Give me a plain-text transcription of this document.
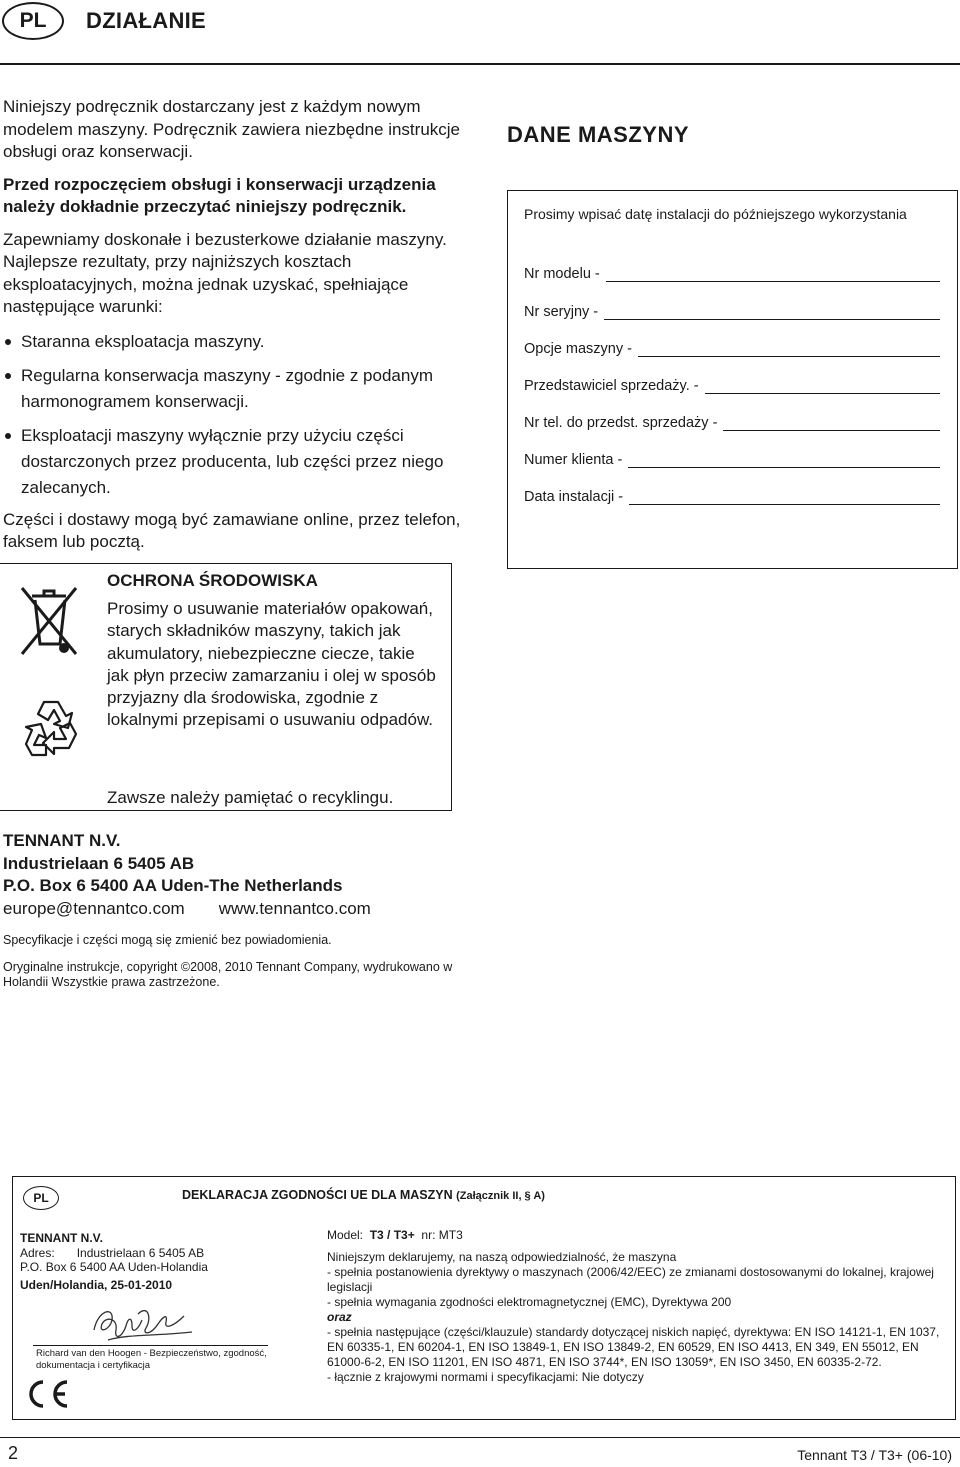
PL DZIAŁANIE

Niniejszy podręcznik dostarczany jest z każdym nowym modelem maszyny. Podręcznik zawiera niezbędne instrukcje obsługi oraz konserwacji.

Przed rozpoczęciem obsługi i konserwacji urządzenia należy dokładnie przeczytać niniejszy podręcznik.

Zapewniamy doskonałe i bezusterkowe działanie maszyny. Najlepsze rezultaty, przy najniższych kosztach eksploatacyjnych, można jednak uzyskać, spełniające następujące warunki:

Staranna eksploatacja maszyny.
Regularna konserwacja maszyny - zgodnie z podanym harmonogramem konserwacji.
Eksploatacji maszyny wyłącznie przy użyciu części dostarczonych przez producenta, lub części przez niego zalecanych.

Części i dostawy mogą być zamawiane online, przez telefon, faksem lub pocztą.

DANE MASZYNY
Prosimy wpisać datę instalacji do późniejszego wykorzystania
Nr modelu -
Nr seryjny -
Opcje maszyny -
Przedstawiciel sprzedaży. -
Nr tel. do przedst. sprzedaży -
Numer klienta -
Data instalacji -
OCHRONA ŚRODOWISKA
Prosimy o usuwanie materiałów opakowań, starych składników maszyny, takich jak akumulatory, niebezpieczne ciecze, takie jak płyn przeciw zamarzaniu i olej w sposób przyjazny dla środowiska, zgodnie z lokalnymi przepisami o usuwaniu odpadów.
Zawsze należy pamiętać o recyklingu.
TENNANT N.V.
Industrielaan 6 5405 AB
P.O. Box 6 5400 AA Uden-The Netherlands
europe@tennantco.com www.tennantco.com
Specyfikacje i części mogą się zmienić bez powiadomienia.
Oryginalne instrukcje, copyright ©2008, 2010 Tennant Company, wydrukowano w Holandii Wszystkie prawa zastrzeżone.
PL	DEKLARACJA ZGODNOŚCI UE DLA MASZYN (Załącznik II, § A)
TENNANT N.V.
Adres: Industrielaan 6 5405 AB
P.O. Box 6 5400 AA Uden-Holandia
Uden/Holandia, 25-01-2010
Richard van den Hoogen - Bezpieczeństwo, zgodność, dokumentacja i certyfikacja

Model: T3 / T3+ nr: MT3

Niniejszym deklarujemy, na naszą odpowiedzialność, że maszyna

- spełnia postanowienia dyrektywy o maszynach (2006/42/EEC) ze zmianami dostosowanymi do lokalnej, krajowej legislacji

- spełnia wymagania zgodności elektromagnetycznej (EMC), Dyrektywa 200

oraz

- spełnia następujące (części/klauzule) standardy dotyczącej niskich napięć, dyrektywa: EN ISO 14121-1, EN 1037, EN 60335-1, EN 60204-1, EN ISO 13849-1, EN ISO 13849-2, EN 60529, EN ISO 4413, EN 349, EN 55012, EN 61000-6-2, EN ISO 11201, EN ISO 4871, EN ISO 3744*, EN ISO 13059*, EN ISO 3450, EN 60335-2-72.

- łącznie z krajowymi normami i specyfikacjami: Nie dotyczy

2	Tennant T3 / T3+ (06-10)
